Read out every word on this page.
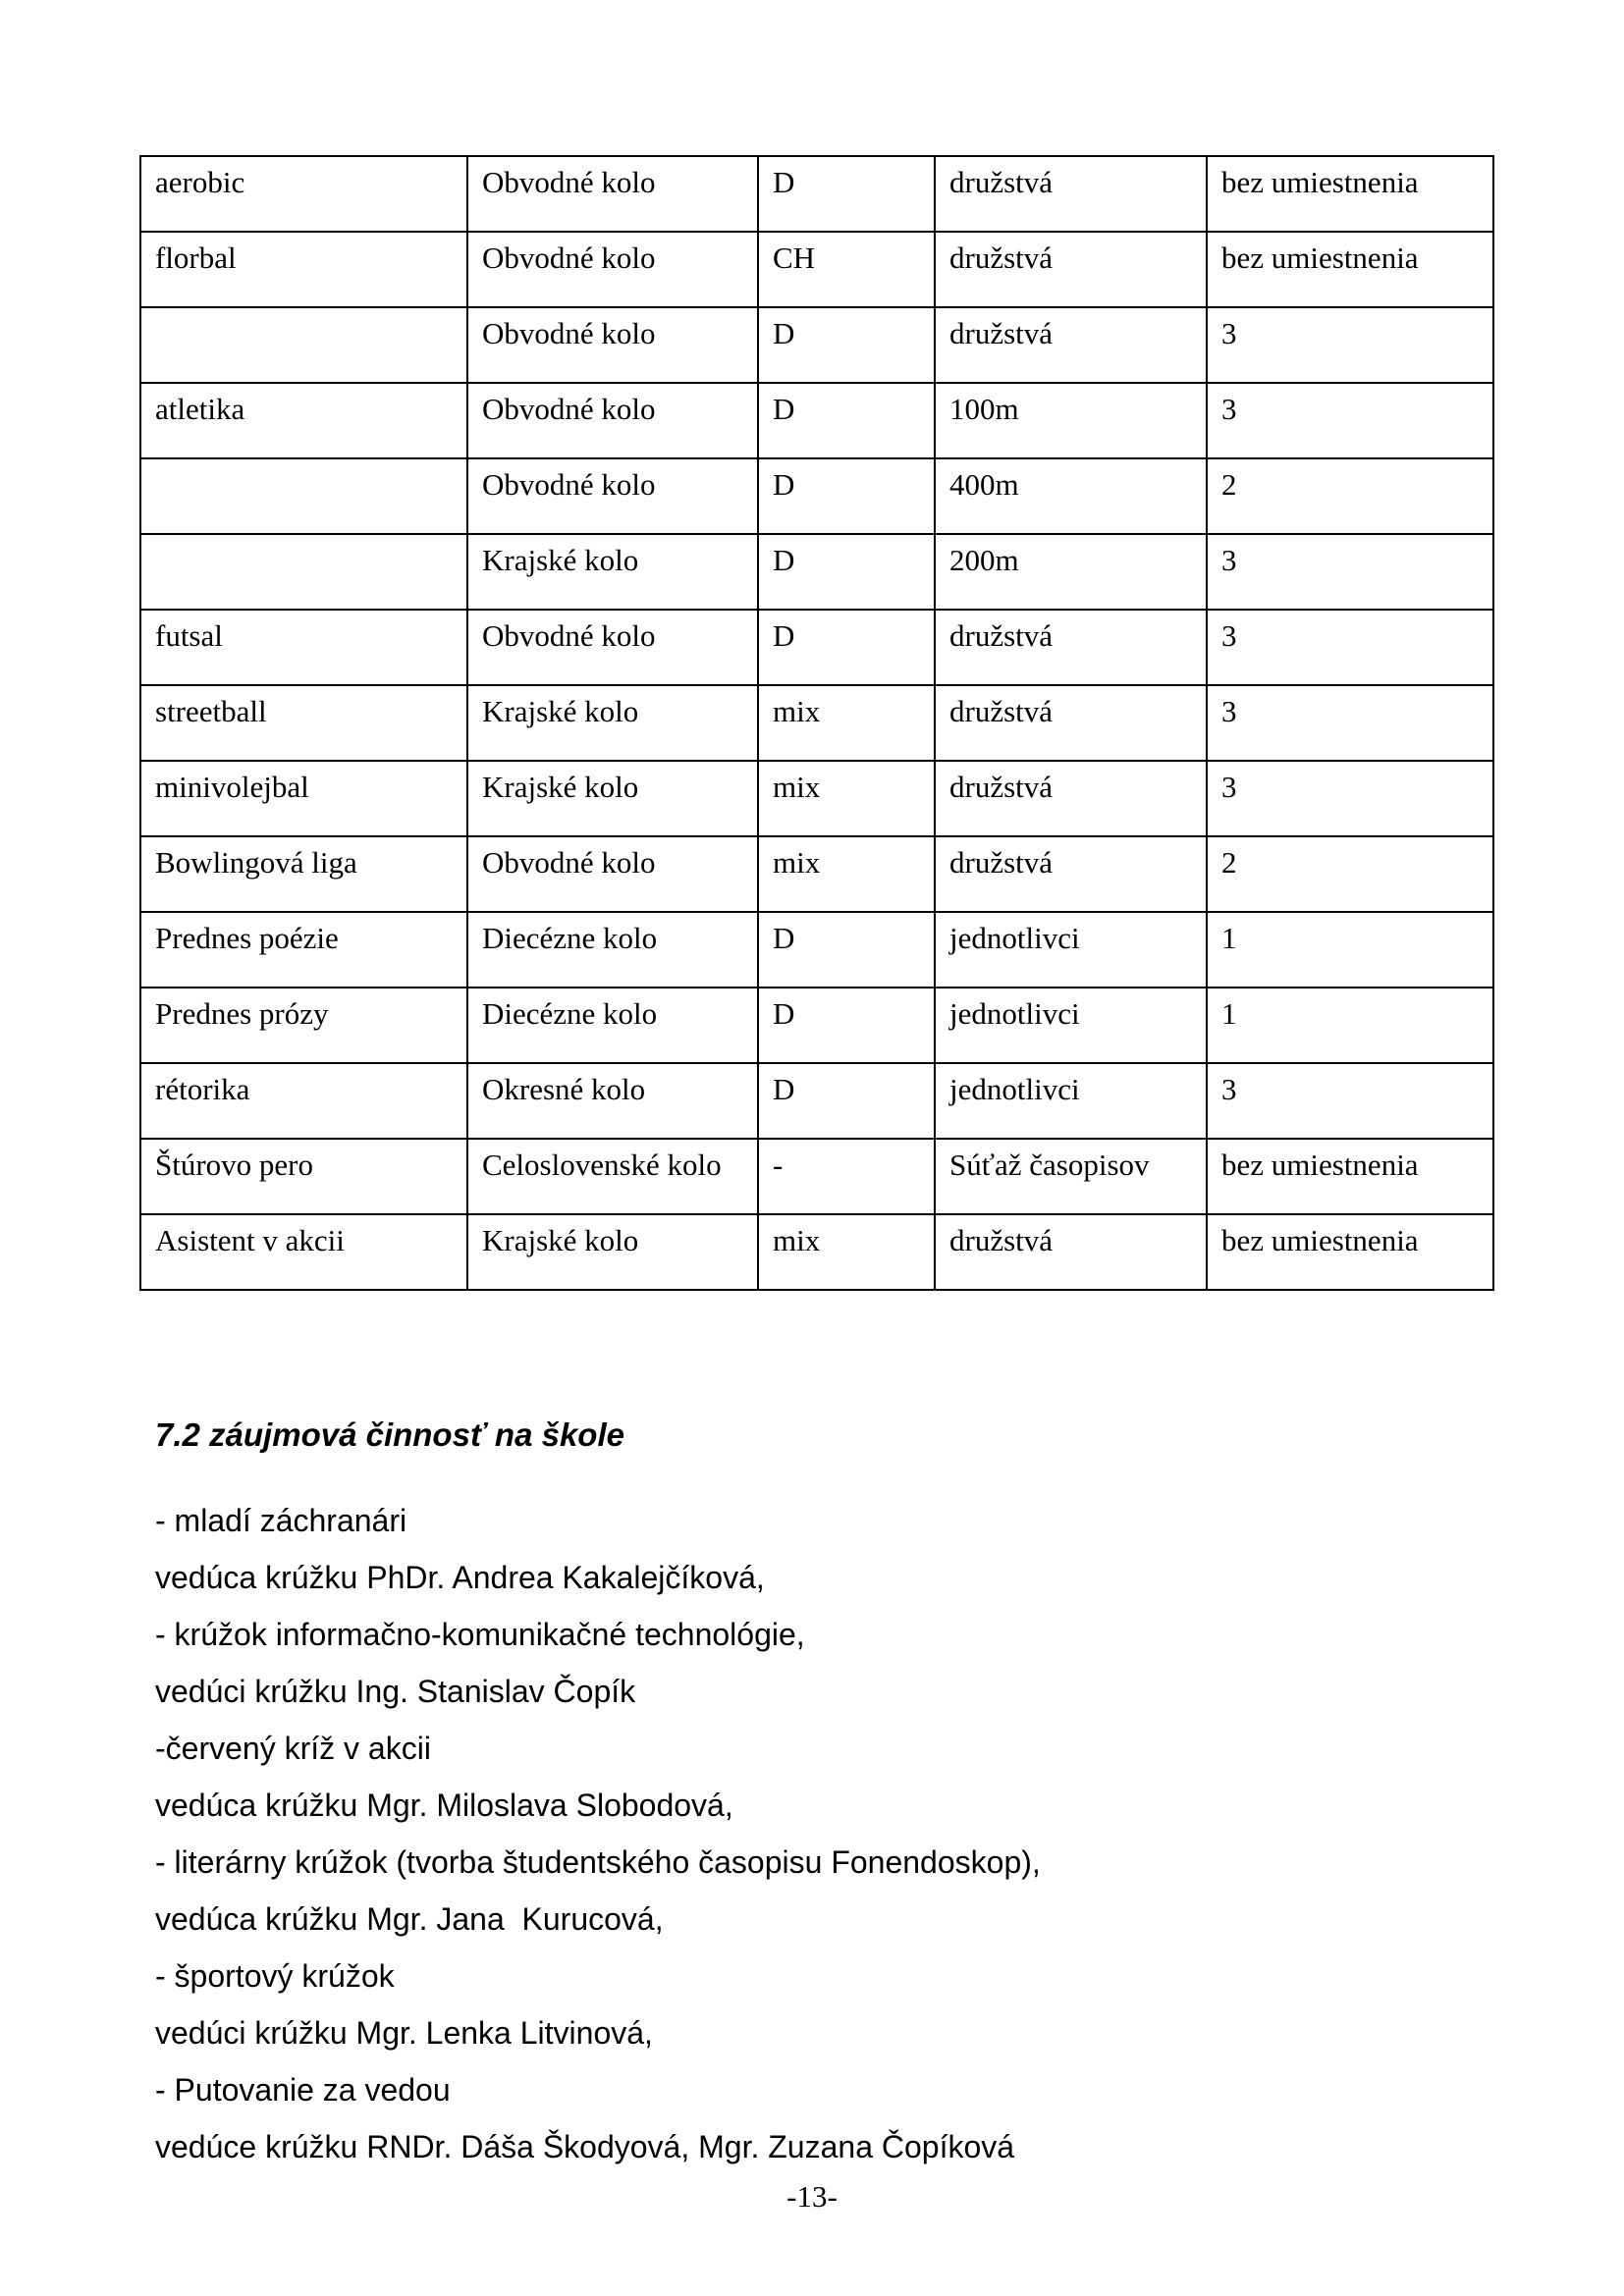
aerobic	Obvodné kolo	D	družstvá	bez umiestnenia
florbal	Obvodné kolo	CH	družstvá	bez umiestnenia
	Obvodné kolo	D	družstvá	3
atletika	Obvodné kolo	D	100m	3
	Obvodné kolo	D	400m	2
	Krajské kolo	D	200m	3
futsal	Obvodné kolo	D	družstvá	3
streetball	Krajské kolo	mix	družstvá	3
minivolejbal	Krajské kolo	mix	družstvá	3
Bowlingová liga	Obvodné kolo	mix	družstvá	2
Prednes poézie	Diecézne kolo	D	jednotlivci	1
Prednes prózy	Diecézne kolo	D	jednotlivci	1
rétorika	Okresné kolo	D	jednotlivci	3
Štúrovo pero	Celoslovenské kolo	-	Súťaž časopisov	bez umiestnenia
Asistent v akcii	Krajské kolo	mix	družstvá	bez umiestnenia
7.2 záujmová činnosť na škole
- mladí záchranári
vedúca krúžku PhDr. Andrea Kakalejčíková,
- krúžok informačno-komunikačné technológie,
vedúci krúžku Ing. Stanislav Čopík
-červený kríž v akcii
vedúca krúžku Mgr. Miloslava Slobodová,
- literárny krúžok (tvorba študentského časopisu Fonendoskop),
vedúca krúžku Mgr. Jana  Kurucová,
- športový krúžok
vedúci krúžku Mgr. Lenka Litvinová,
- Putovanie za vedou
vedúce krúžku RNDr. Dáša Škodyová, Mgr. Zuzana Čopíková
-13-
